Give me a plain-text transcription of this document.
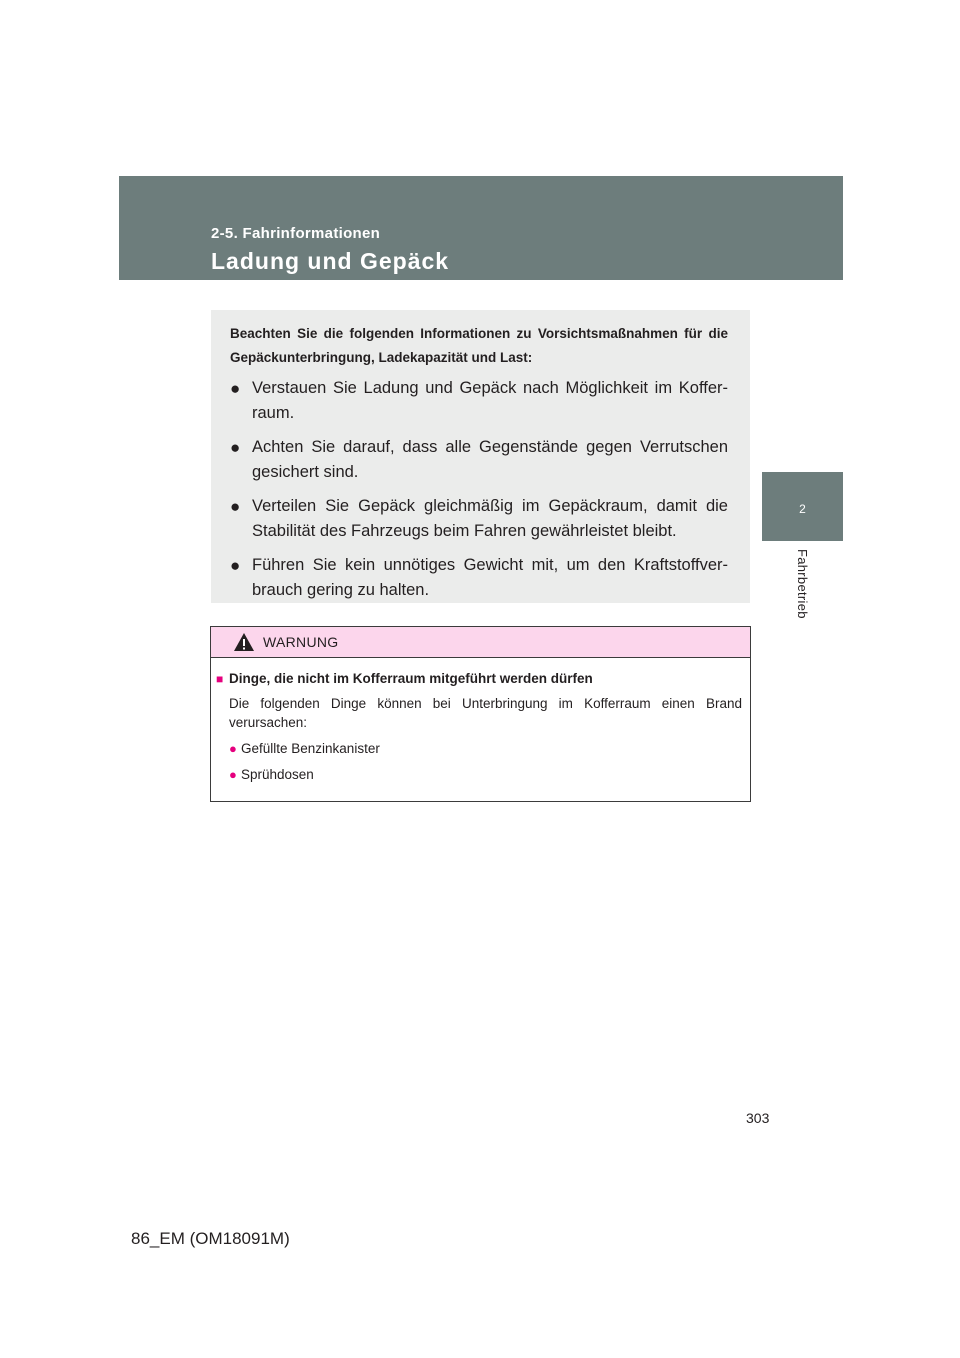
2-5. Fahrinformationen
Ladung und Gepäck
2
Fahrbetrieb

Beachten Sie die folgenden Informationen zu Vorsichtsmaßnahmen für die Gepäckunterbringung, Ladekapazität und Last:

● Verstauen Sie Ladung und Gepäck nach Möglichkeit im Koffer-raum.
● Achten Sie darauf, dass alle Gegenstände gegen Verrutschen gesichert sind.
● Verteilen Sie Gepäck gleichmäßig im Gepäckraum, damit die Stabilität des Fahrzeugs beim Fahren gewährleistet bleibt.
● Führen Sie kein unnötiges Gewicht mit, um den Kraftstoffver-brauch gering zu halten.
WARNUNG
■ Dinge, die nicht im Kofferraum mitgeführt werden dürfen

Die folgenden Dinge können bei Unterbringung im Kofferraum einen Brand verursachen:

● Gefüllte Benzinkanister
● Sprühdosen
303
86_EM (OM18091M)
